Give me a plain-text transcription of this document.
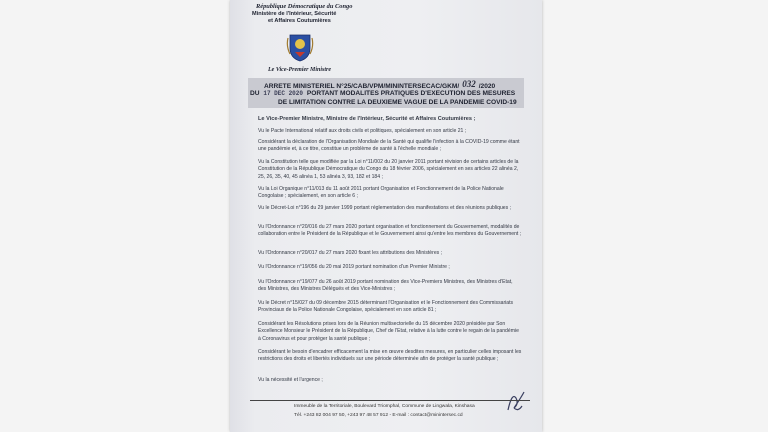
République Démocratique du Congo
Ministère de l'Intérieur, Sécurité
et Affaires Coutumières
Le Vice-Premier Ministre
ARRETE MINISTERIEL N°25/CAB/VPM/MININTERSECAC/GKM/ 032 /2020
DU 17 DEC 2020 PORTANT MODALITES PRATIQUES D'EXECUTION DES MESURES
DE LIMITATION CONTRE LA DEUXIEME VAGUE DE LA PANDEMIE COVID-19
Le Vice-Premier Ministre, Ministre de l'Intérieur, Sécurité et Affaires Coutumières ;
Vu le Pacte International relatif aux droits civils et politiques, spécialement en son article 21 ;
Considérant la déclaration de l'Organisation Mondiale de la Santé qui qualifie l'infection à la COVID-19 comme étant une pandémie et, à ce titre, constitue un problème de santé à l'échelle mondiale ;
Vu la Constitution telle que modifiée par la Loi n°11/002 du 20 janvier 2011 portant révision de certains articles de la Constitution de la République Démocratique du Congo du 18 février 2006, spécialement en ses articles 22 alinéa 2, 25, 26, 35, 40, 45 alinéa 1, 53 alinéa 3, 93, 182 et 184 ;
Vu la Loi Organique n°11/013 du 11 août 2011 portant Organisation et Fonctionnement de la Police Nationale Congolaise ; spécialement, en son article 6 ;
Vu le Décret-Loi n°196 du 29 janvier 1999 portant réglementation des manifestations et des réunions publiques ;
Vu l'Ordonnance n°20/016 du 27 mars 2020 portant organisation et fonctionnement du Gouvernement, modalités de collaboration entre le Président de la République et le Gouvernement ainsi qu'entre les membres du Gouvernement ;
Vu l'Ordonnance n°20/017 du 27 mars 2020 fixant les attributions des Ministères ;
Vu l'Ordonnance n°19/056 du 20 mai 2019 portant nomination d'un Premier Ministre ;
Vu l'Ordonnance n°19/077 du 26 août 2019 portant nomination des Vice-Premiers Ministres, des Ministres d'Etat, des Ministres, des Ministres Délégués et des Vice-Ministres ;
Vu le Décret n°15/027 du 09 décembre 2015 déterminant l'Organisation et le Fonctionnement des Commissariats Provinciaux de la Police Nationale Congolaise, spécialement en son article 81 ;
Considérant les Résolutions prises lors de la Réunion multisectorielle du 15 décembre 2020 présidée par Son Excellence Monsieur le Président de la République, Chef de l'Etat, relative à la lutte contre le regain de la pandémie à Coronavirus et pour protéger la santé publique ;
Considérant le besoin d'encadrer efficacement la mise en œuvre desdites mesures, en particulier celles imposant les restrictions des droits et libertés individuels sur une période déterminée afin de protéger la santé publique ;
Vu la nécessité et l'urgence ;
Immeuble de la Territoriale, Boulevard Triomphal, Commune de Lingwala, Kinshasa
Tél. +243 82 004 97 50, +243 97 48 57 912 - E-mail : contact@minintersec.cd
